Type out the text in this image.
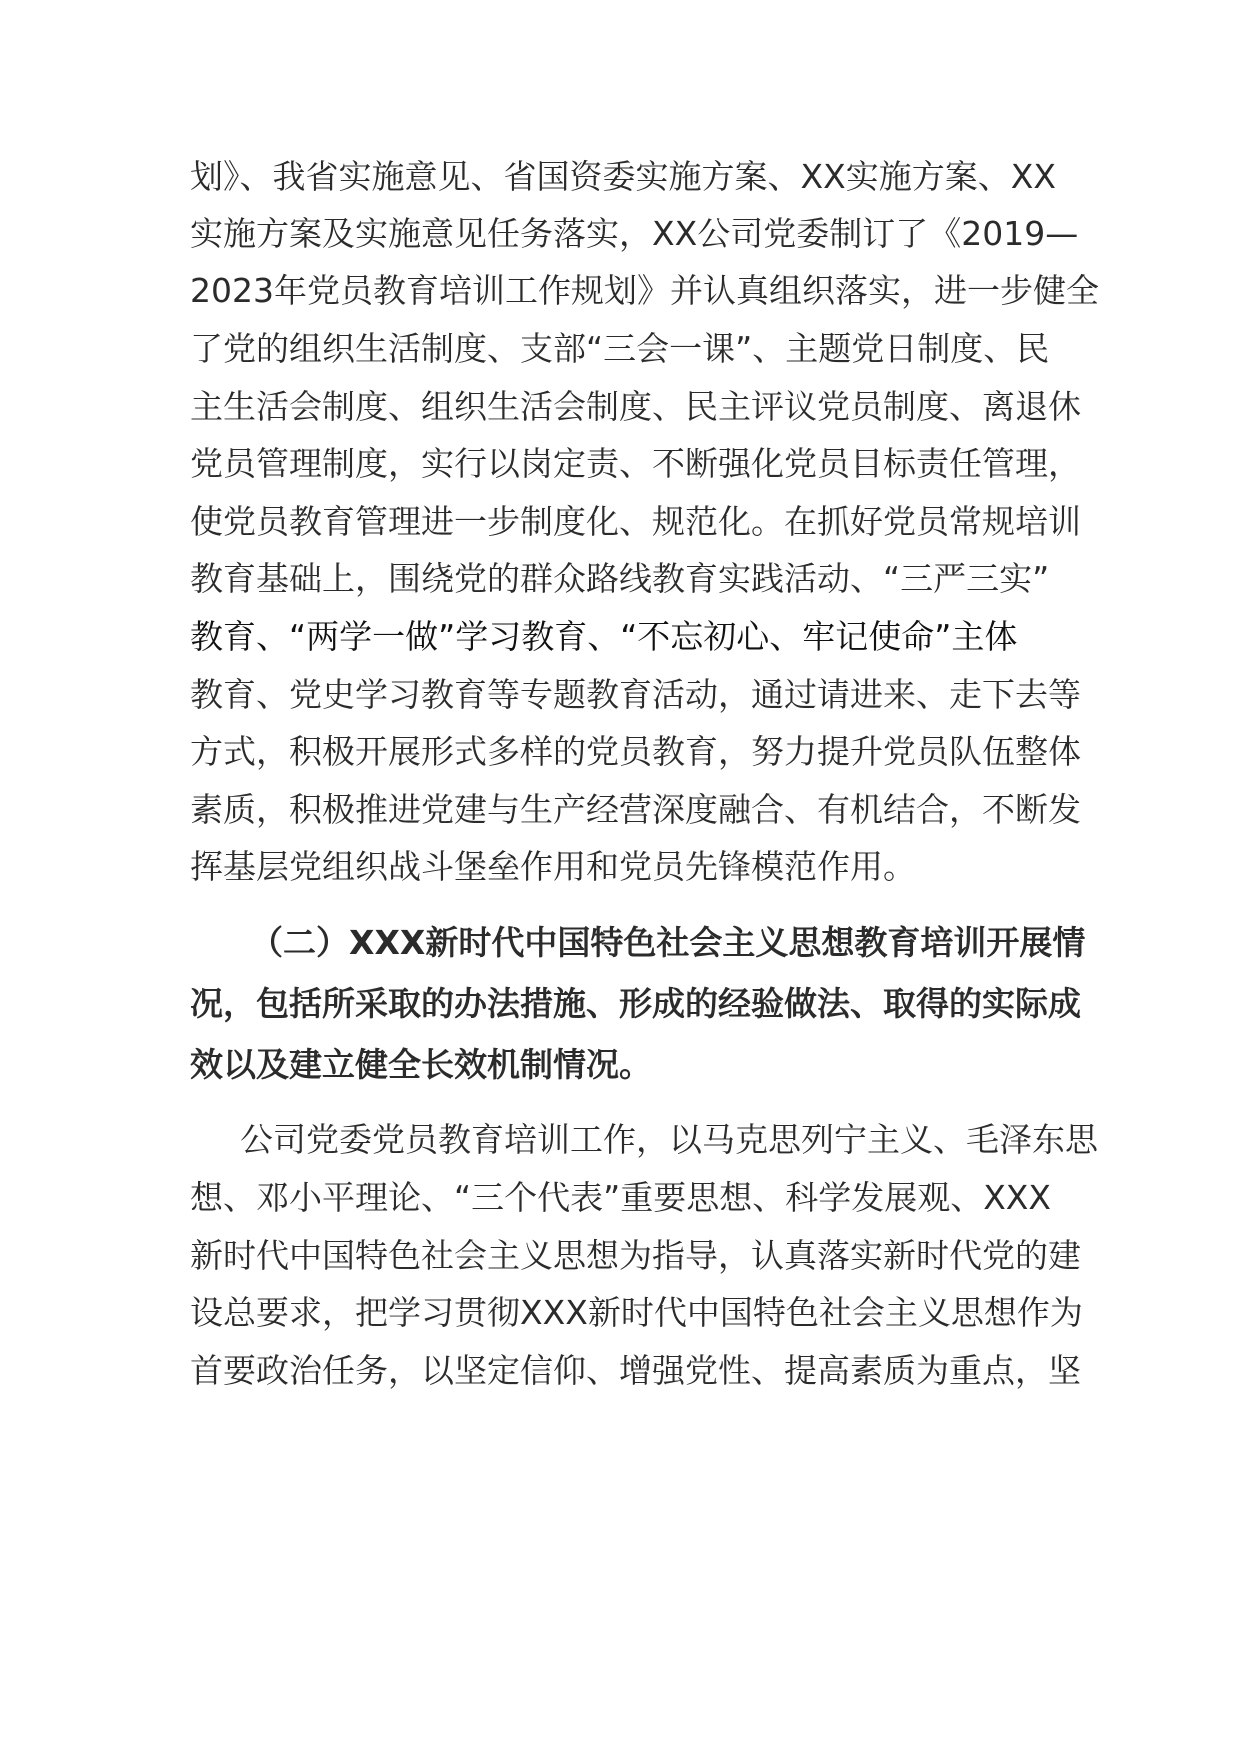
划》、我省实施意见、省国资委实施方案、XX实施方案、XX
实施方案及实施意见任务落实，XX公司党委制订了《2019—
2023年党员教育培训工作规划》并认真组织落实，进一步健全
了党的组织生活制度、支部“三会一课”、主题党日制度、民
主生活会制度、组织生活会制度、民主评议党员制度、离退休
党员管理制度，实行以岗定责、不断强化党员目标责任管理，
使党员教育管理进一步制度化、规范化。在抓好党员常规培训
教育基础上，围绕党的群众路线教育实践活动、“三严三实”
教育、“两学一做”学习教育、“不忘初心、牢记使命”主体
教育、党史学习教育等专题教育活动，通过请进来、走下去等
方式，积极开展形式多样的党员教育，努力提升党员队伍整体
素质，积极推进党建与生产经营深度融合、有机结合，不断发
挥基层党组织战斗堡垒作用和党员先锋模范作用。
（二）XXX新时代中国特色社会主义思想教育培训开展情
况，包括所采取的办法措施、形成的经验做法、取得的实际成
效以及建立健全长效机制情况。
公司党委党员教育培训工作，以马克思列宁主义、毛泽东思
想、邓小平理论、“三个代表”重要思想、科学发展观、XXX
新时代中国特色社会主义思想为指导，认真落实新时代党的建
设总要求，把学习贯彻XXX新时代中国特色社会主义思想作为
首要政治任务，以坚定信仰、增强党性、提高素质为重点，坚
